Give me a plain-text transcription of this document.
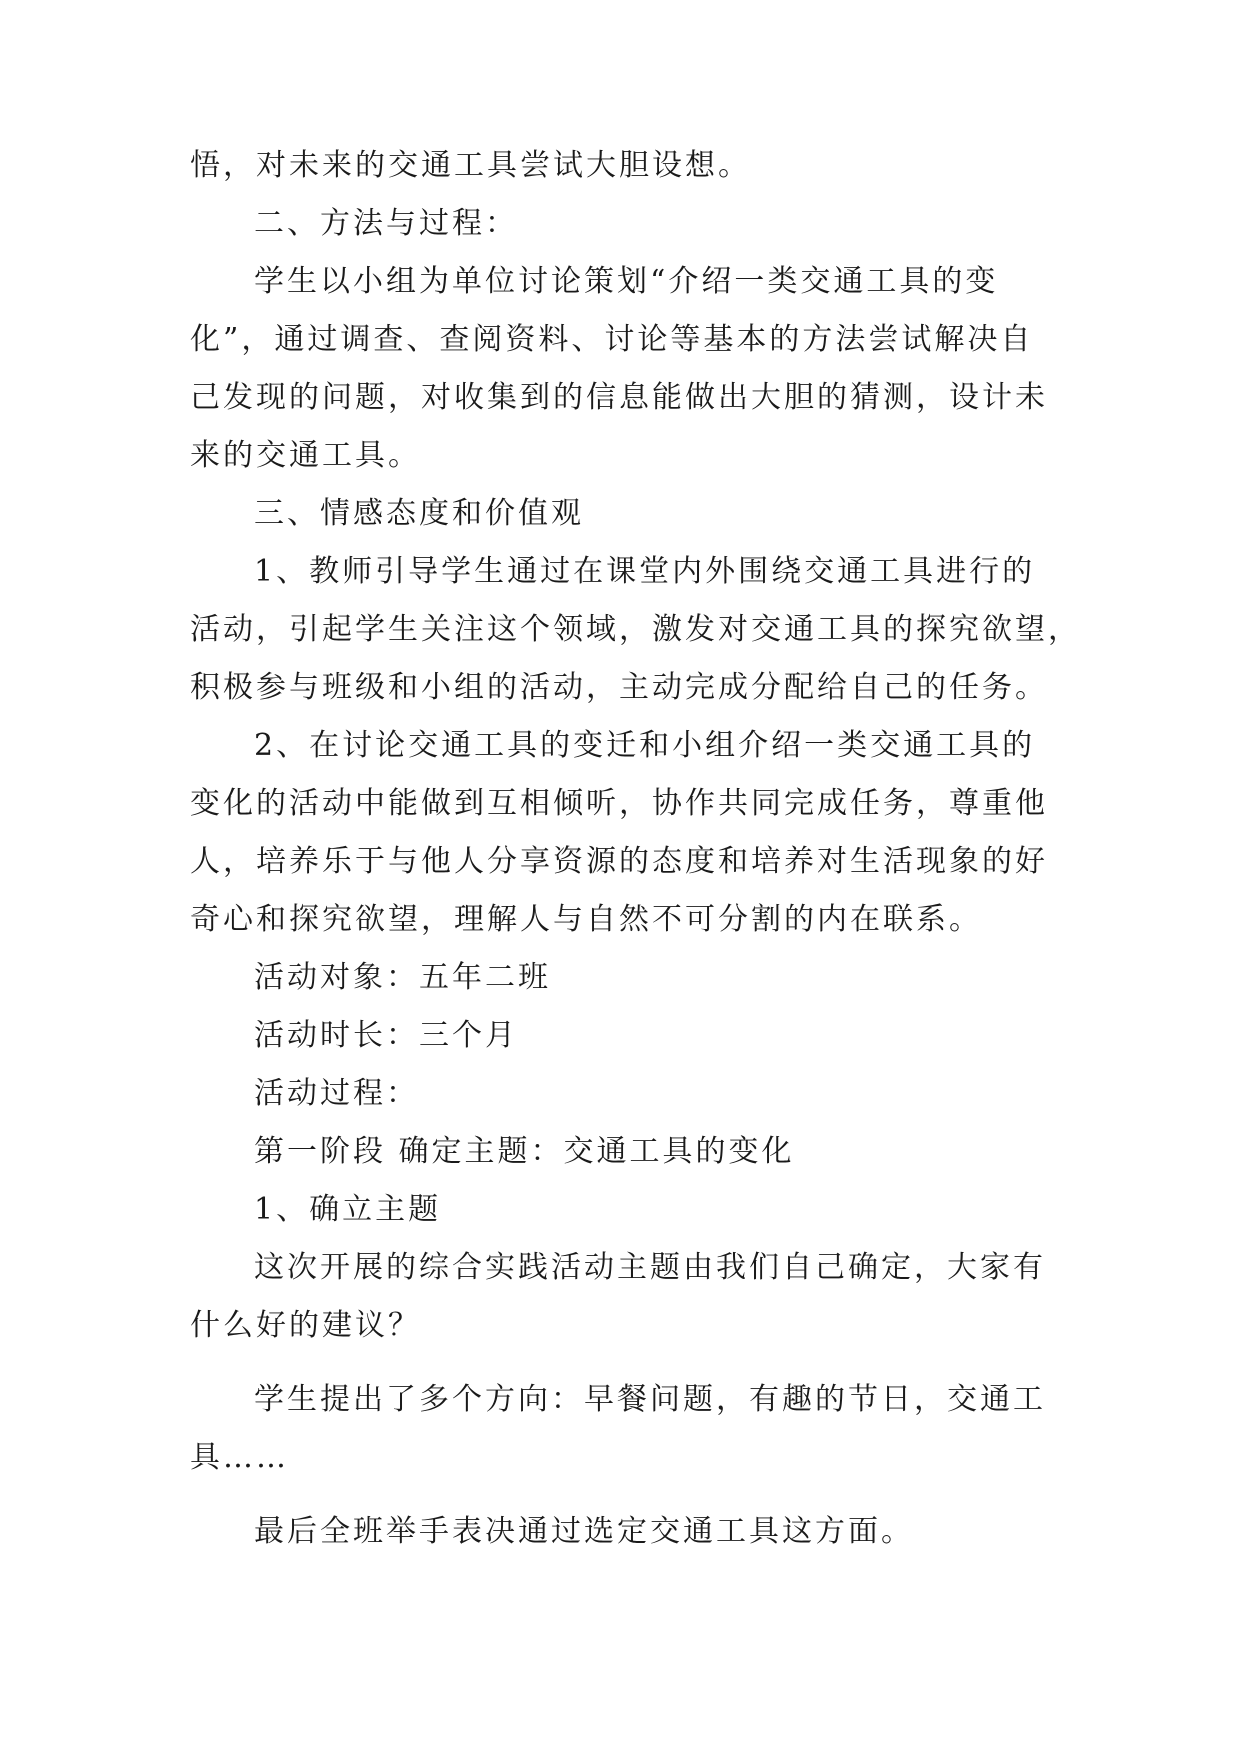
悟，对未来的交通工具尝试大胆设想。
二、方法与过程：
学生以小组为单位讨论策划“介绍一类交通工具的变
化”，通过调查、查阅资料、讨论等基本的方法尝试解决自
己发现的问题，对收集到的信息能做出大胆的猜测，设计未
来的交通工具。
三、情感态度和价值观
1、教师引导学生通过在课堂内外围绕交通工具进行的
活动，引起学生关注这个领域，激发对交通工具的探究欲望，
积极参与班级和小组的活动，主动完成分配给自己的任务。
2、在讨论交通工具的变迁和小组介绍一类交通工具的
变化的活动中能做到互相倾听，协作共同完成任务，尊重他
人，培养乐于与他人分享资源的态度和培养对生活现象的好
奇心和探究欲望，理解人与自然不可分割的内在联系。
活动对象：五年二班
活动时长：三个月
活动过程：
第一阶段 确定主题：交通工具的变化
1、确立主题
这次开展的综合实践活动主题由我们自己确定，大家有
什么好的建议？
学生提出了多个方向：早餐问题，有趣的节日，交通工
具……
最后全班举手表决通过选定交通工具这方面。
